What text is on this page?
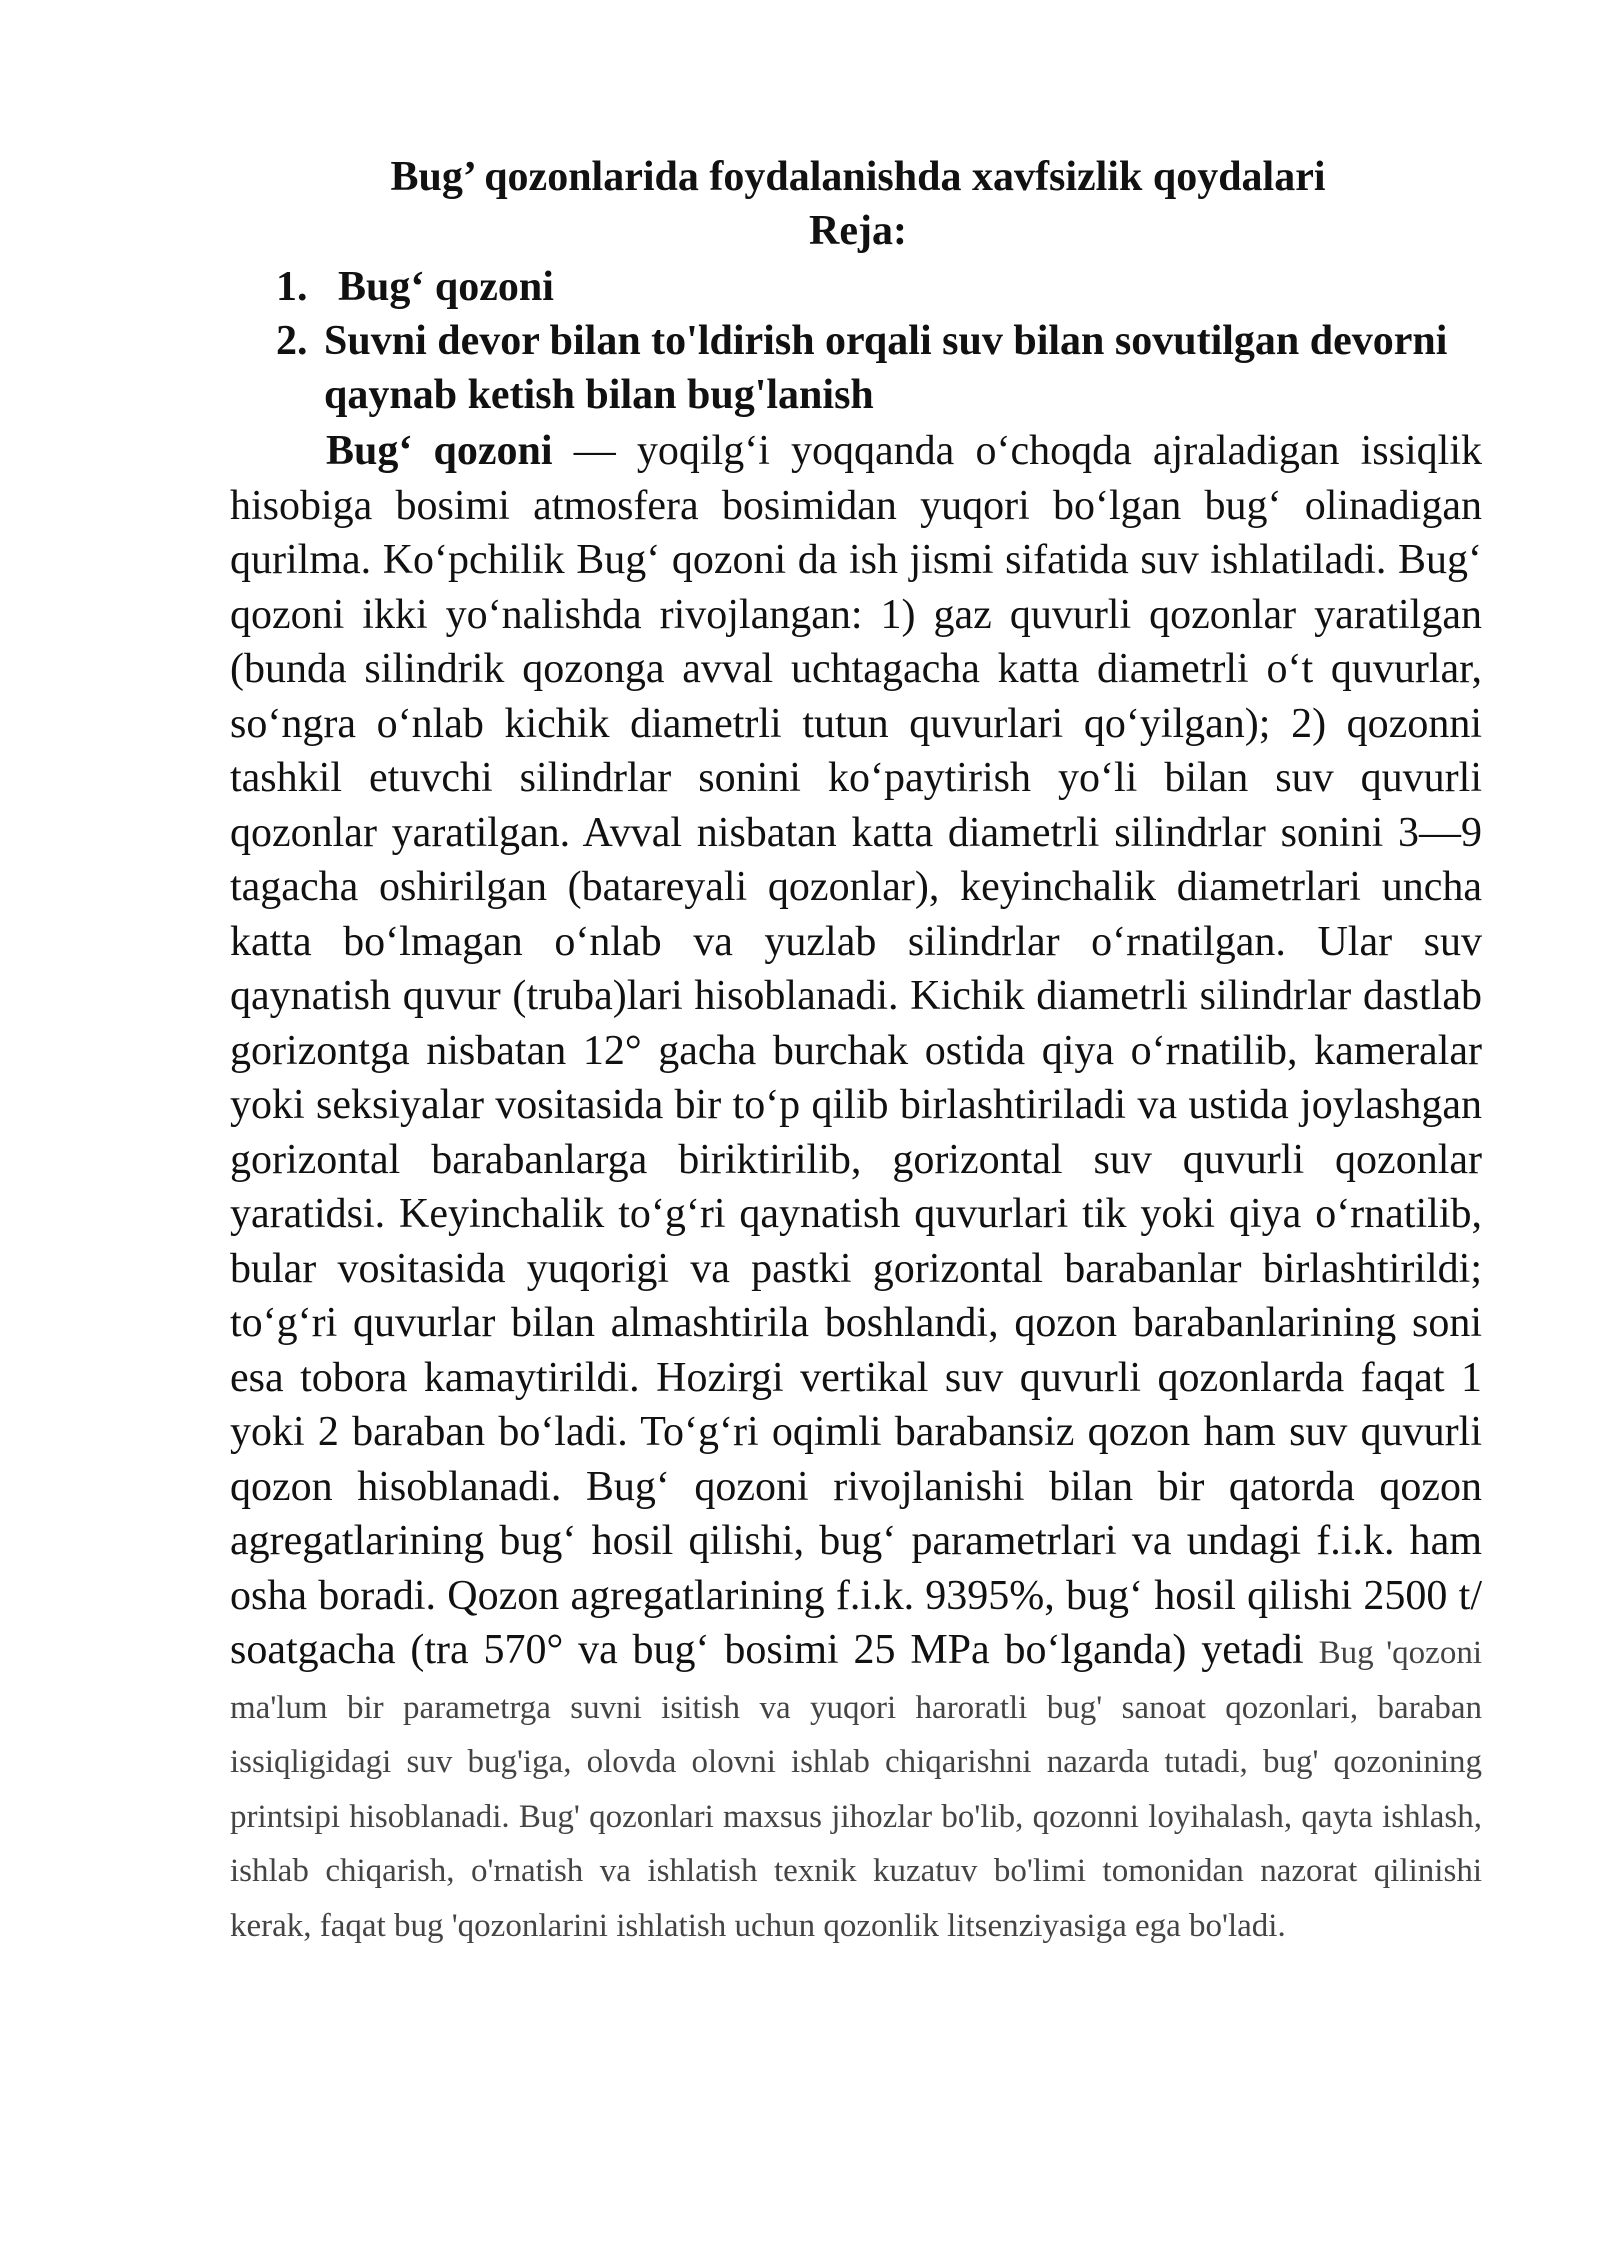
Bug’ qozonlarida foydalanishda xavfsizlik qoydalari
Reja:
1. Bug‘ qozoni
2. Suvni devor bilan to'ldirish orqali suv bilan sovutilgan devorni qaynab ketish bilan bug'lanish

Bug‘ qozoni — yoqilg‘i yoqqanda o‘choqda ajraladigan issiqlik hisobiga bosimi atmosfera bosimidan yuqori bo‘lgan bug‘ olinadigan qurilma. Ko‘pchilik Bug‘ qozoni da ish jismi sifatida suv ishlatiladi. Bug‘ qozoni ikki yo‘nalishda rivojlangan: 1) gaz quvurli qozonlar yaratilgan (bunda silindrik qozonga avval uchtagacha katta diametrli o‘t quvurlar, so‘ngra o‘nlab kichik diametrli tutun quvurlari qo‘yilgan); 2) qozonni tashkil etuvchi silindrlar sonini ko‘paytirish yo‘li bilan suv quvurli qozonlar yaratilgan. Avval nisbatan katta diametrli silindrlar sonini 3—9 tagacha oshirilgan (batareyali qozonlar), keyinchalik diametrlari uncha katta bo‘lmagan o‘nlab va yuzlab silindrlar o‘rnatilgan. Ular suv qaynatish quvur (truba)lari hisoblanadi. Kichik diametrli silindrlar dastlab gorizontga nisbatan 12° gacha burchak ostida qiya o‘rnatilib, kameralar yoki seksiyalar vositasida bir to‘p qilib birlashtiriladi va ustida joylashgan gorizontal barabanlarga biriktirilib, gorizontal suv quvurli qozonlar yaratidsi. Keyinchalik to‘g‘ri qaynatish quvurlari tik yoki qiya o‘rnatilib, bular vositasida yuqorigi va pastki gorizontal barabanlar birlashtirildi; to‘g‘ri quvurlar bilan almashtirila boshlandi, qozon barabanlarining soni esa tobora kamaytirildi. Hozirgi vertikal suv quvurli qozonlarda faqat 1 yoki 2 baraban bo‘ladi. To‘g‘ri oqimli barabansiz qozon ham suv quvurli qozon hisoblanadi. Bug‘ qozoni rivojlanishi bilan bir qatorda qozon agregatlarining bug‘ hosil qilishi, bug‘ parametrlari va undagi f.i.k. ham osha boradi. Qozon agregatlarining f.i.k. 9395%, bug‘ hosil qilishi 2500 t/ soatgacha (tra 570° va bug‘ bosimi 25 MPa bo‘lganda) yetadi Bug 'qozoni ma'lum bir parametrga suvni isitish va yuqori haroratli bug' sanoat qozonlari, baraban issiqligidagi suv bug'iga, olovda olovni ishlab chiqarishni nazarda tutadi, bug' qozonining printsipi hisoblanadi. Bug' qozonlari maxsus jihozlar bo'lib, qozonni loyihalash, qayta ishlash, ishlab chiqarish, o'rnatish va ishlatish texnik kuzatuv bo'limi tomonidan nazorat qilinishi kerak, faqat bug 'qozonlarini ishlatish uchun qozonlik litsenziyasiga ega bo'ladi.
